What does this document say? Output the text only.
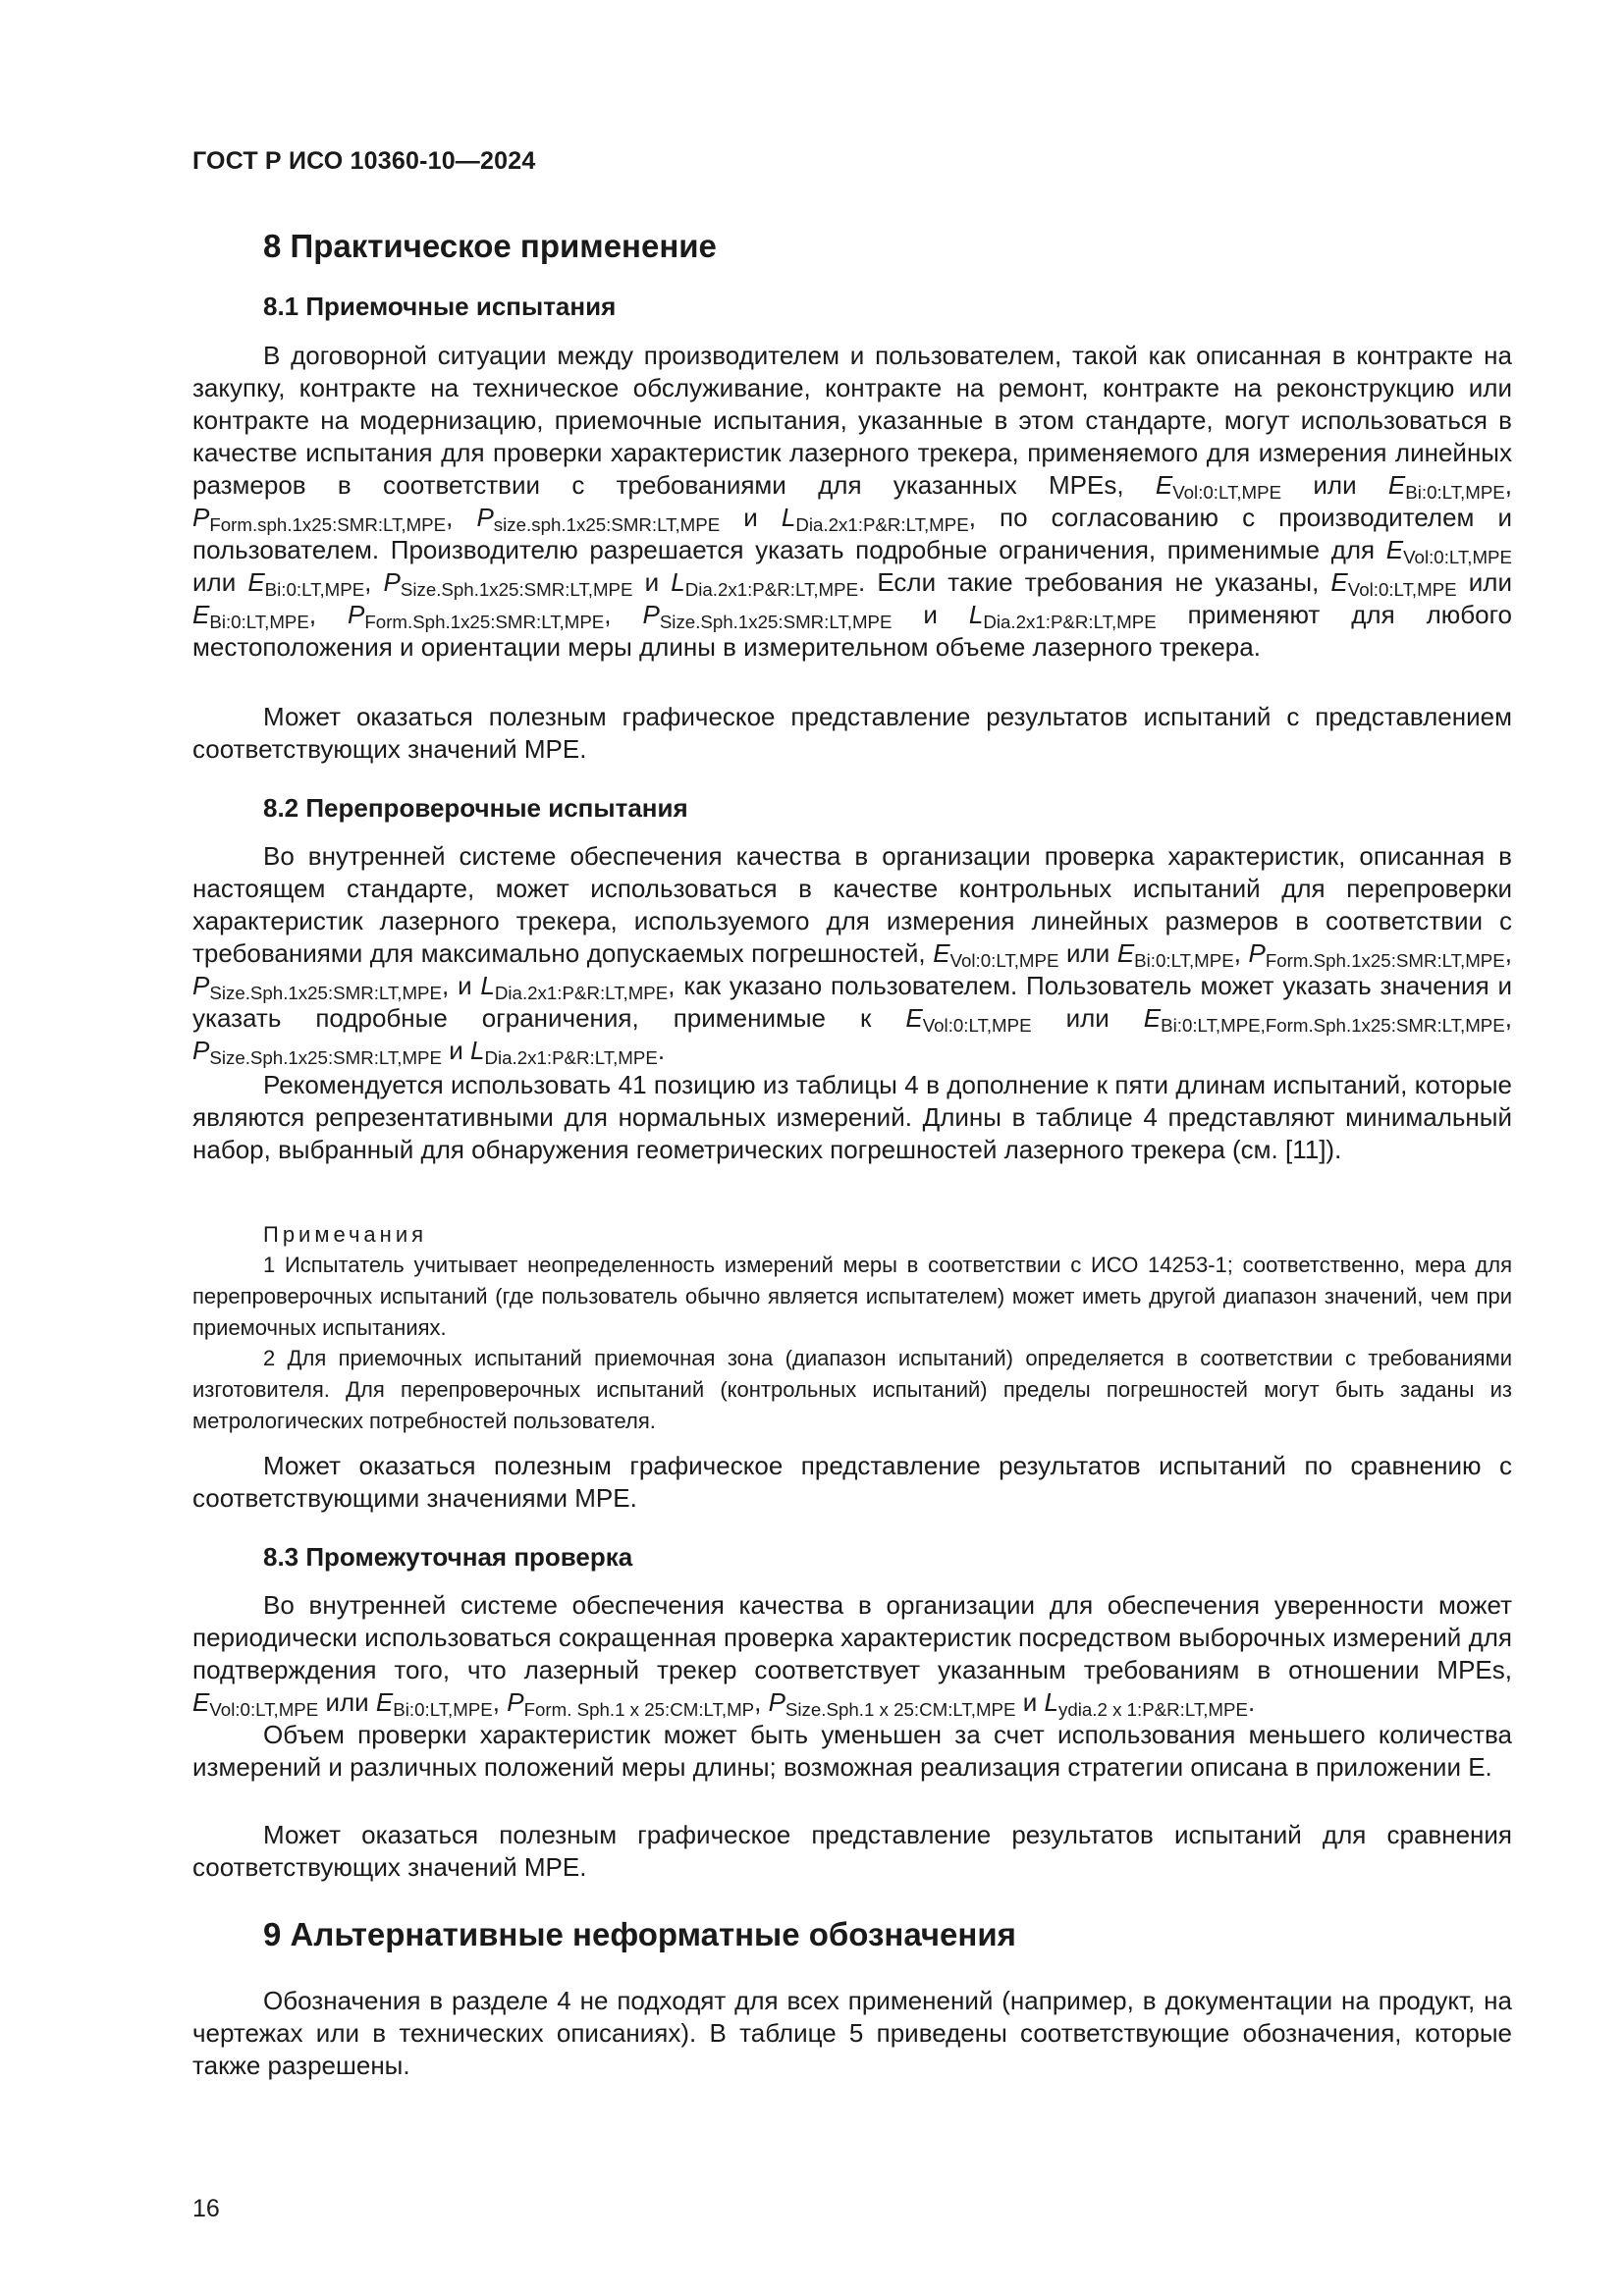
ГОСТ Р ИСО 10360-10—2024
8 Практическое применение
8.1 Приемочные испытания

В договорной ситуации между производителем и пользователем, такой как описанная в контракте на закупку, контракте на техническое обслуживание, контракте на ремонт, контракте на реконструкцию или контракте на модернизацию, приемочные испытания, указанные в этом стандарте, могут использоваться в качестве испытания для проверки характеристик лазерного трекера, применяемого для измерения линейных размеров в соответствии с требованиями для указанных MPEs, $E_{Vol:0:LT,MPE}$ или $E_{Bi:0:LT,MPE}$, $P_{Form.sph.1x25:SMR:LT,MPE}$, $P_{size.sph.1x25:SMR:LT,MPE}$ и $L_{Dia.2x1:P\&R:LT,MPE}$, по согласованию с производителем и пользователем. Производителю разрешается указать подробные ограничения, применимые для $E_{Vol:0:LT,MPE}$ или $E_{Bi:0:LT,MPE}$, $P_{Size.Sph.1x25:SMR:LT,MPE}$ и $L_{Dia.2x1:P\&R:LT,MPE}$. Если такие требования не указаны, $E_{Vol:0:LT,MPE}$ или $E_{Bi:0:LT,MPE}$, $P_{Form.Sph.1x25:SMR:LT,MPE}$, $P_{Size.Sph.1x25:SMR:LT,MPE}$ и $L_{Dia.2x1:P\&R:LT,MPE}$ применяют для любого местоположения и ориентации меры длины в измерительном объеме лазерного трекера.

Может оказаться полезным графическое представление результатов испытаний с представлением соответствующих значений MPE.

8.2 Перепроверочные испытания

Во внутренней системе обеспечения качества в организации проверка характеристик, описанная в настоящем стандарте, может использоваться в качестве контрольных испытаний для перепроверки характеристик лазерного трекера, используемого для измерения линейных размеров в соответствии с требованиями для максимально допускаемых погрешностей, $E_{Vol:0:LT,MPE}$ или $E_{Bi:0:LT,MPE}$, $P_{Form.Sph.1x25:SMR:LT,MPE}$, $P_{Size.Sph.1x25:SMR:LT,MPE}$, и $L_{Dia.2x1:P\&R:LT,MPE}$, как указано пользователем. Пользователь может указать значения и указать подробные ограничения, применимые к $E_{Vol:0:LT,MPE}$ или $E_{Bi:0:LT,MPE,Form.Sph.1x25:SMR:LT,MPE}$, $P_{Size.Sph.1x25:SMR:LT,MPE}$ и $L_{Dia.2x1:P\&R:LT,MPE}$.

Рекомендуется использовать 41 позицию из таблицы 4 в дополнение к пяти длинам испытаний, которые являются репрезентативными для нормальных измерений. Длины в таблице 4 представляют минимальный набор, выбранный для обнаружения геометрических погрешностей лазерного трекера (см. [11]).

Примечания

1 Испытатель учитывает неопределенность измерений меры в соответствии с ИСО 14253-1; соответственно, мера для перепроверочных испытаний (где пользователь обычно является испытателем) может иметь другой диапазон значений, чем при приемочных испытаниях.

2 Для приемочных испытаний приемочная зона (диапазон испытаний) определяется в соответствии с требованиями изготовителя. Для перепроверочных испытаний (контрольных испытаний) пределы погрешностей могут быть заданы из метрологических потребностей пользователя.

Может оказаться полезным графическое представление результатов испытаний по сравнению с соответствующими значениями MPE.

8.3 Промежуточная проверка

Во внутренней системе обеспечения качества в организации для обеспечения уверенности может периодически использоваться сокращенная проверка характеристик посредством выборочных измерений для подтверждения того, что лазерный трекер соответствует указанным требованиям в отношении MPEs, $E_{Vol:0:LT,MPE}$ или $E_{Bi:0:LT,MPE}$, $P_{Form. Sph.1 x 25:CM:LT,MP}$, $P_{Size.Sph.1 x 25:CM:LT,MPE}$ и $L_{ydia.2 x 1:P\&R:LT,MPE}$.

Объем проверки характеристик может быть уменьшен за счет использования меньшего количества измерений и различных положений меры длины; возможная реализация стратегии описана в приложении Е.

Может оказаться полезным графическое представление результатов испытаний для сравнения соответствующих значений MPE.

9 Альтернативные неформатные обозначения

Обозначения в разделе 4 не подходят для всех применений (например, в документации на продукт, на чертежах или в технических описаниях). В таблице 5 приведены соответствующие обозначения, которые также разрешены.

16
